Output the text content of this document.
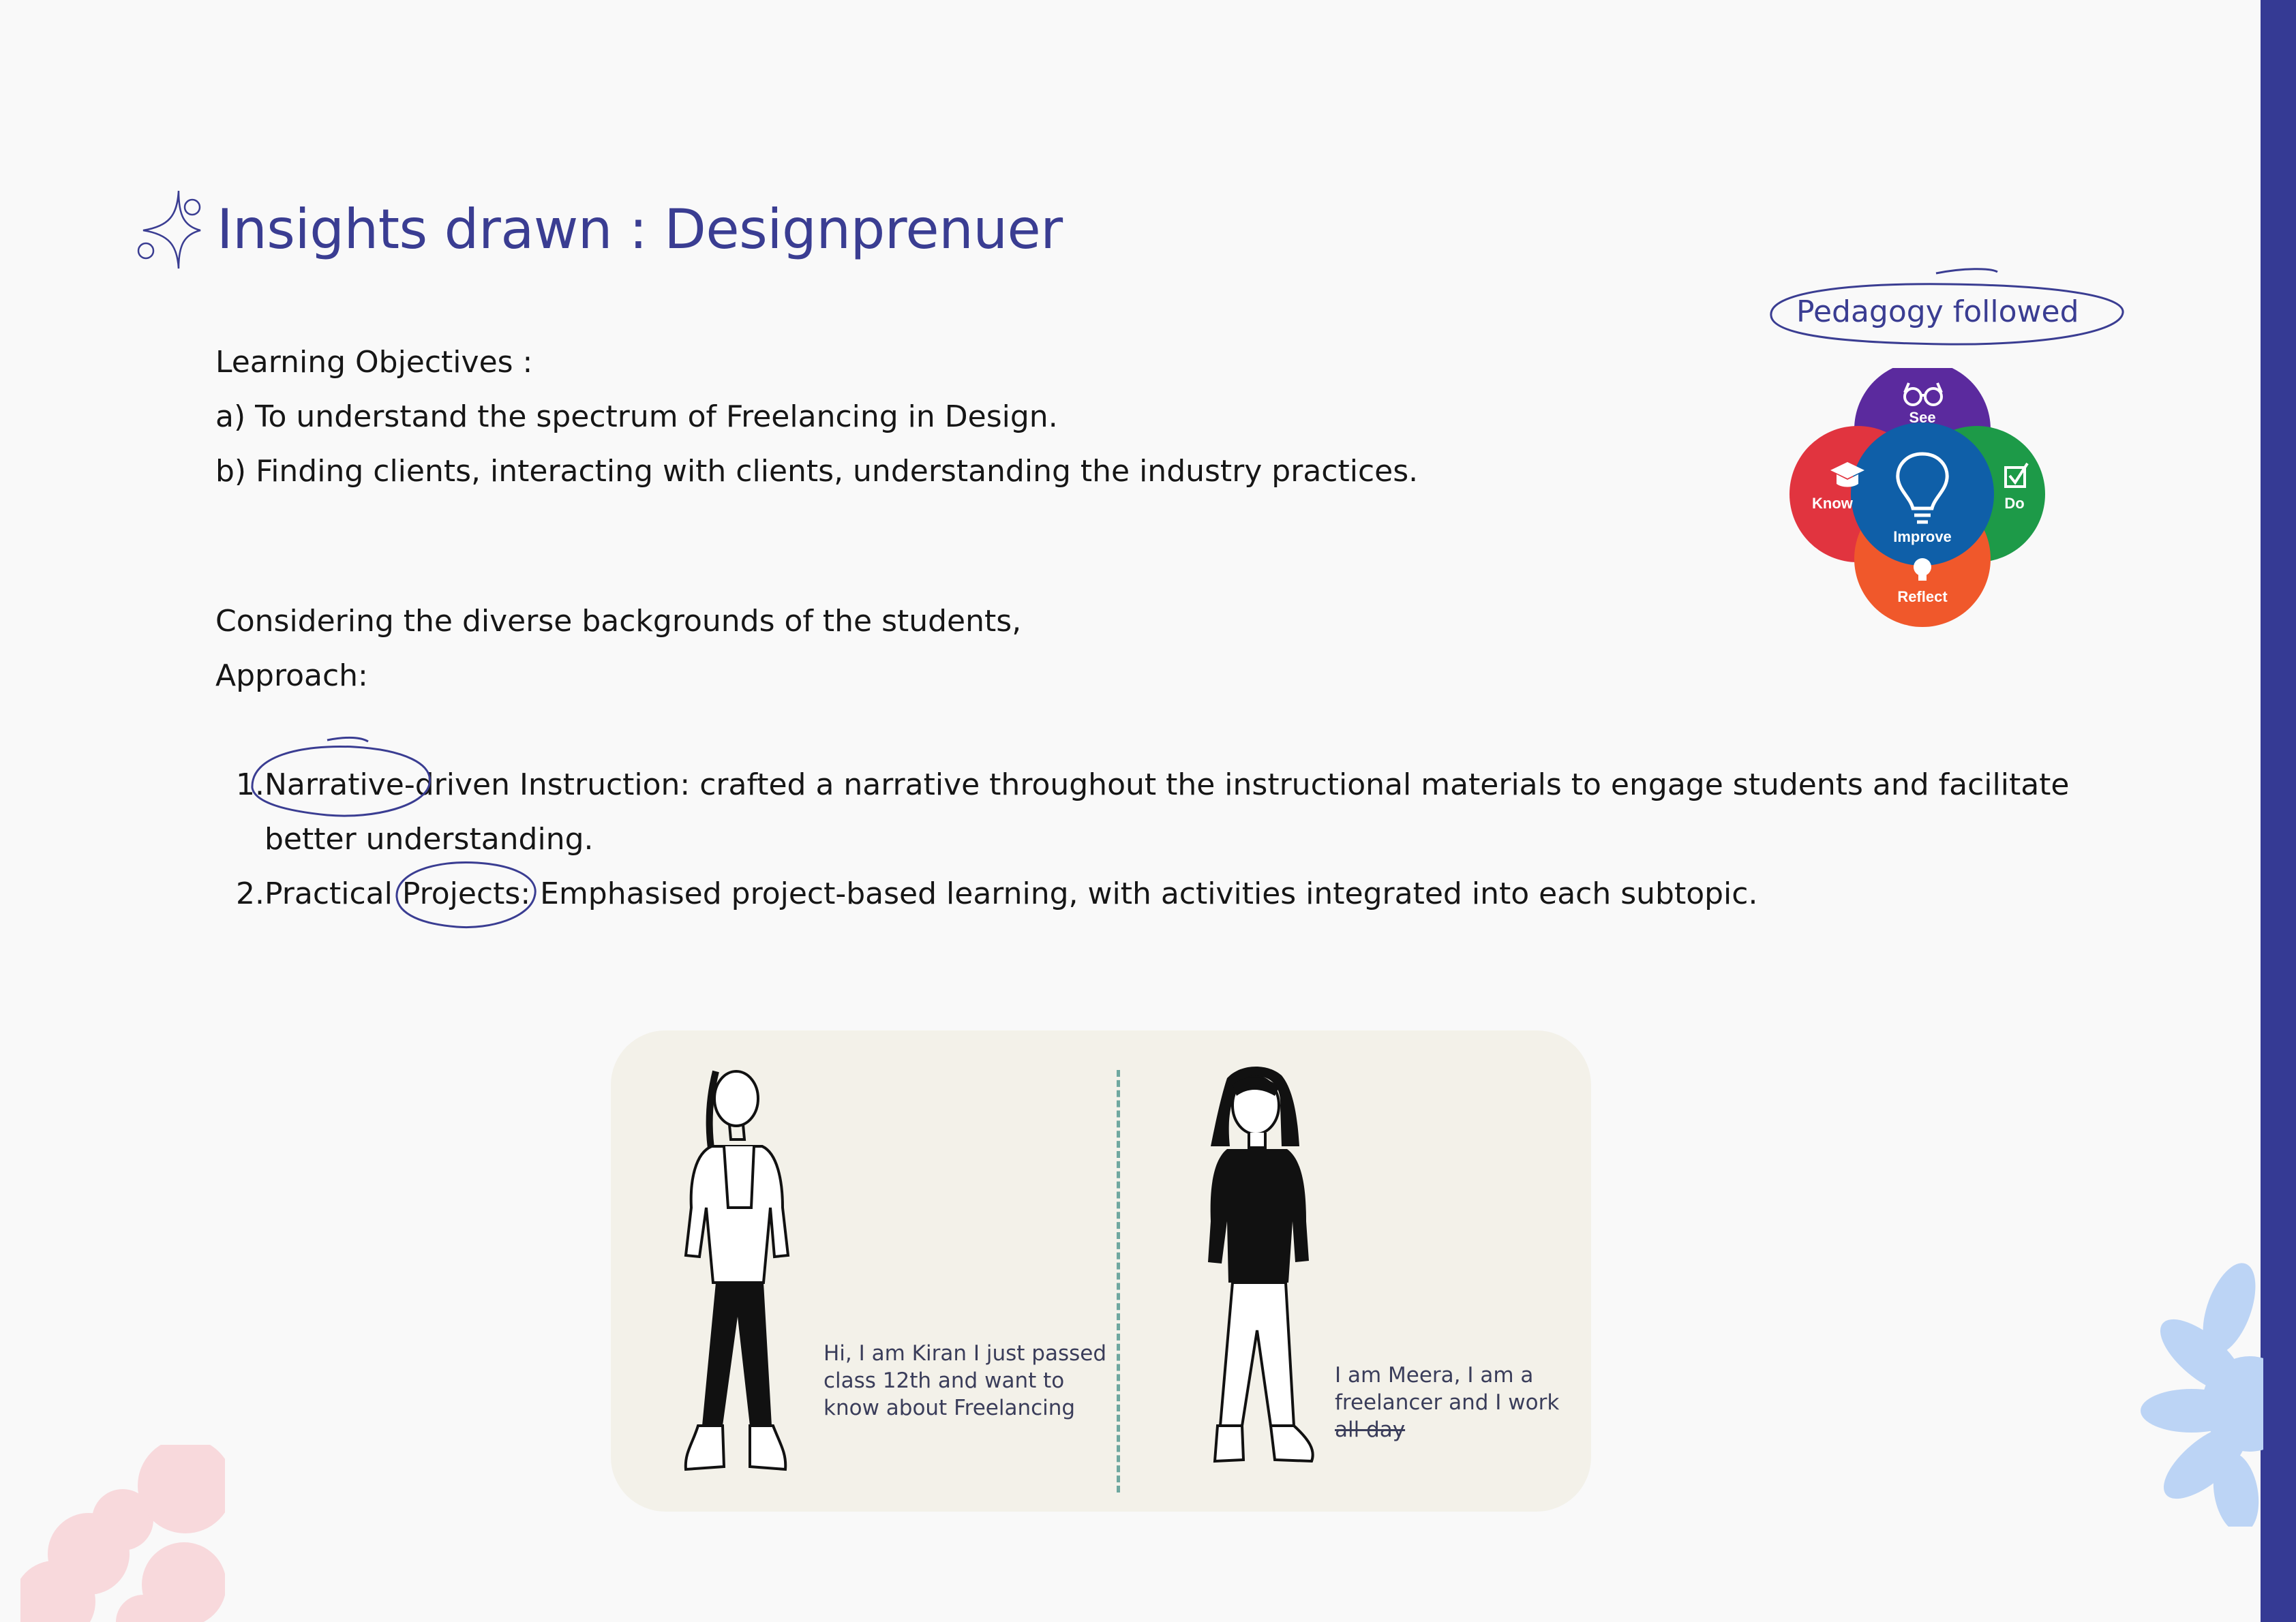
Insights drawn : Designprenuer
Learning Objectives :
a) To understand the spectrum of Freelancing in Design.
b) Finding clients, interacting with clients, understanding the industry practices.
Considering the diverse backgrounds of the students,
Approach:
1. Narrative-driven Instruction: crafted a narrative throughout the instructional materials to engage students and facilitate better understanding.
2. Practical Projects: Emphasised project-based learning, with activities integrated into each subtopic.
Pedagogy followed
See
Know	Do
Improve
Reflect
Hi, I am Kiran I just passed
class 12th and want to
know about Freelancing
I am Meera, I am a
freelancer and I work
all day
